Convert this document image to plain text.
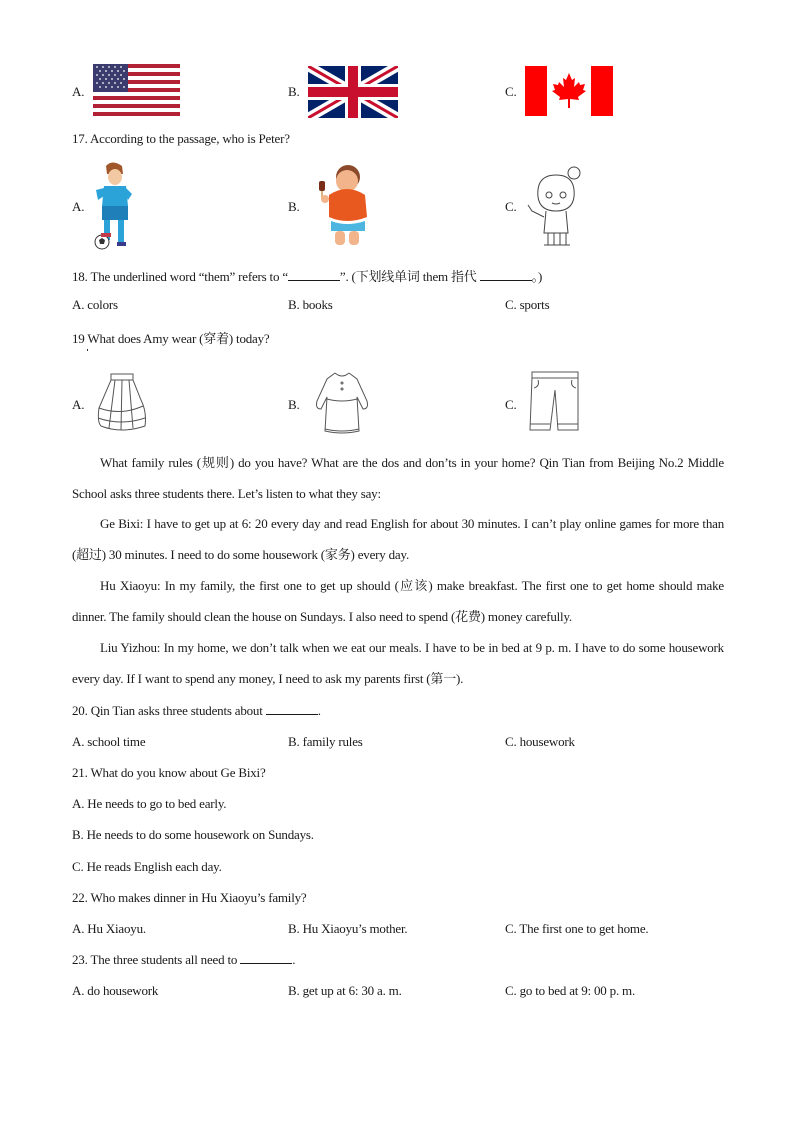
A.	B.	C.
17. According to the passage, who is Peter?
A.	B.	C.
18. The underlined word “them” refers to “	”. (下划线单词 them 指代	。)
A. colors	B. books	C. sports
19 What does Amy wear (穿着) today?
A.	B.	C.

What family rules (规则) do you have? What are the dos and don’ts in your home? Qin Tian from Beijing No.2 Middle School asks three students there. Let’s listen to what they say:

Ge Bixi: I have to get up at 6: 20 every day and read English for about 30 minutes. I can’t play online games for more than (超过) 30 minutes. I need to do some housework (家务) every day.

Hu Xiaoyu: In my family, the first one to get up should (应该) make breakfast. The first one to get home should make dinner. The family should clean the house on Sundays. I also need to spend (花费) money carefully.

Liu Yizhou: In my home, we don’t talk when we eat our meals. I have to be in bed at 9 p. m. I have to do some housework every day. If I want to spend any money, I need to ask my parents first (第一).

20. Qin Tian asks three students about	.
A. school time	B. family rules	C. housework
21. What do you know about Ge Bixi?
A. He needs to go to bed early.
B. He needs to do some housework on Sundays.
C. He reads English each day.
22. Who makes dinner in Hu Xiaoyu’s family?
A. Hu Xiaoyu.	B. Hu Xiaoyu’s mother.	C. The first one to get home.
23. The three students all need to	.
A. do housework	B. get up at 6: 30 a. m.	C. go to bed at 9: 00 p. m.
